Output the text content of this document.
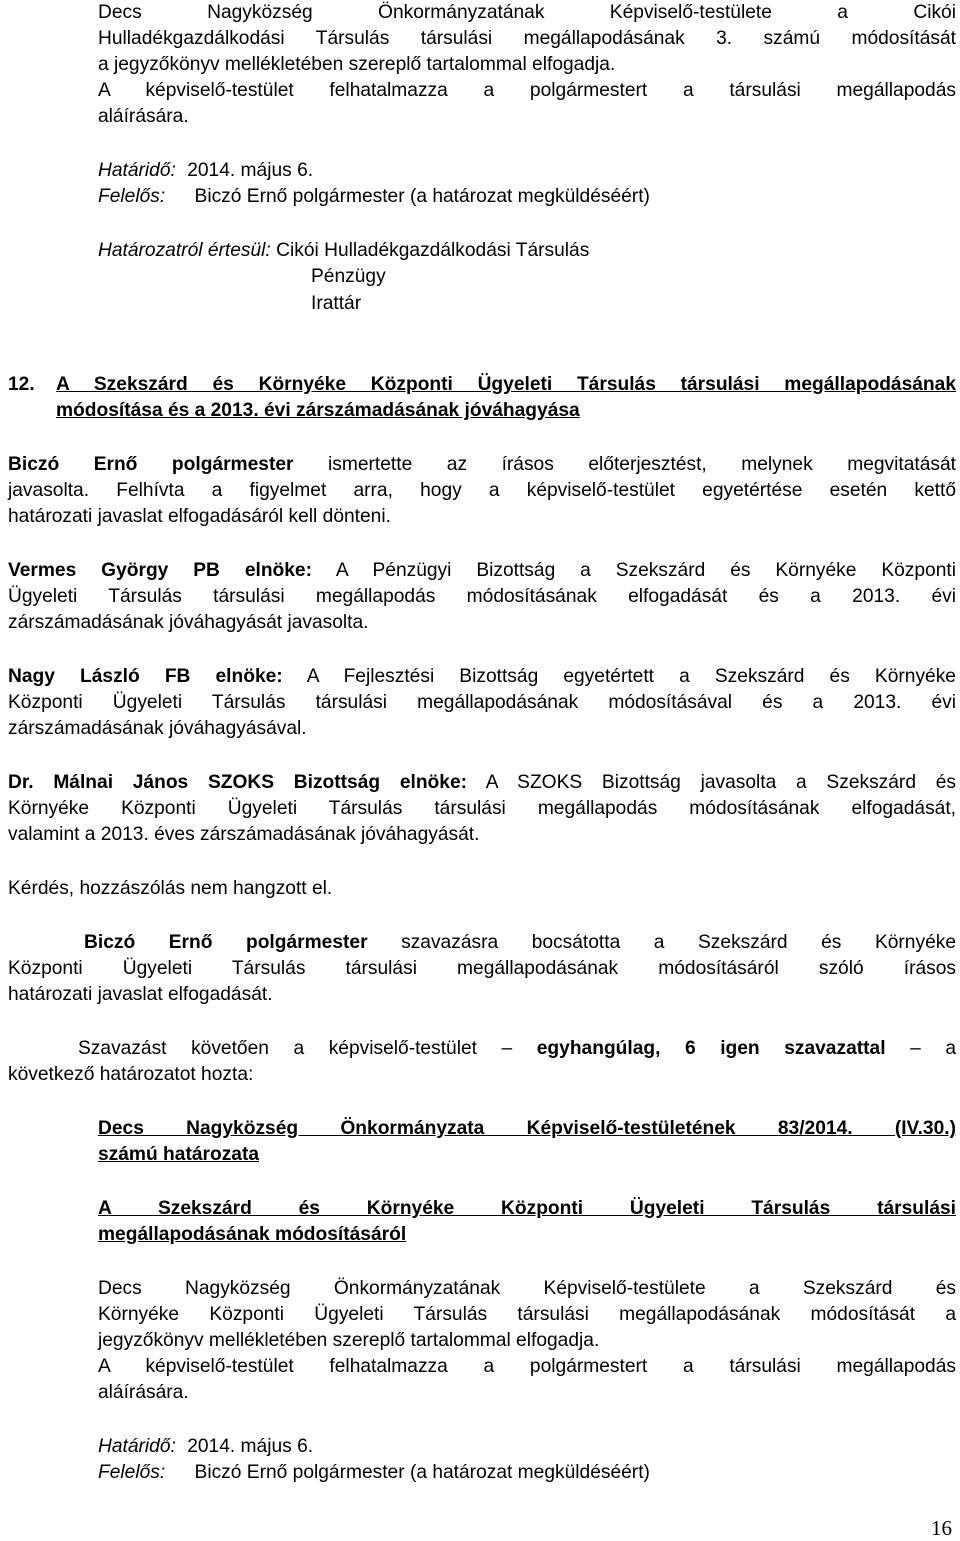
Decs Nagyközség Önkormányzatának Képviselő-testülete a Cikói
Hulladékgazdálkodási Társulás társulási megállapodásának 3. számú módosítását
a jegyzőkönyv mellékletében szereplő tartalommal elfogadja.
A képviselő-testület felhatalmazza a polgármestert a társulási megállapodás
aláírására.
Határidő: 2014. május 6.
Felelős: Biczó Ernő polgármester (a határozat megküldéséért)
Határozatról értesül: Cikói Hulladékgazdálkodási Társulás
Pénzügy
Irattár
12. A Szekszárd és Környéke Központi Ügyeleti Társulás társulási megállapodásának
módosítása és a 2013. évi zárszámadásának jóváhagyása
Biczó Ernő polgármester ismertette az írásos előterjesztést, melynek megvitatását
javasolta. Felhívta a figyelmet arra, hogy a képviselő-testület egyetértése esetén kettő
határozati javaslat elfogadásáról kell dönteni.
Vermes György PB elnöke: A Pénzügyi Bizottság a Szekszárd és Környéke Központi
Ügyeleti Társulás társulási megállapodás módosításának elfogadását és a 2013. évi
zárszámadásának jóváhagyását javasolta.
Nagy László FB elnöke: A Fejlesztési Bizottság egyetértett a Szekszárd és Környéke
Központi Ügyeleti Társulás társulási megállapodásának módosításával és a 2013. évi
zárszámadásának jóváhagyásával.
Dr. Málnai János SZOKS Bizottság elnöke: A SZOKS Bizottság javasolta a Szekszárd és
Környéke Központi Ügyeleti Társulás társulási megállapodás módosításának elfogadását,
valamint a 2013. éves zárszámadásának jóváhagyását.
Kérdés, hozzászólás nem hangzott el.
Biczó Ernő polgármester szavazásra bocsátotta a Szekszárd és Környéke
Központi Ügyeleti Társulás társulási megállapodásának módosításáról szóló írásos
határozati javaslat elfogadását.
Szavazást követően a képviselő-testület – egyhangúlag, 6 igen szavazattal – a
következő határozatot hozta:
Decs Nagyközség Önkormányzata Képviselő-testületének 83/2014. (IV.30.)
számú határozata
A Szekszárd és Környéke Központi Ügyeleti Társulás társulási
megállapodásának módosításáról
Decs Nagyközség Önkormányzatának Képviselő-testülete a Szekszárd és
Környéke Központi Ügyeleti Társulás társulási megállapodásának módosítását a
jegyzőkönyv mellékletében szereplő tartalommal elfogadja.
A képviselő-testület felhatalmazza a polgármestert a társulási megállapodás
aláírására.
Határidő: 2014. május 6.
Felelős: Biczó Ernő polgármester (a határozat megküldéséért)
16
